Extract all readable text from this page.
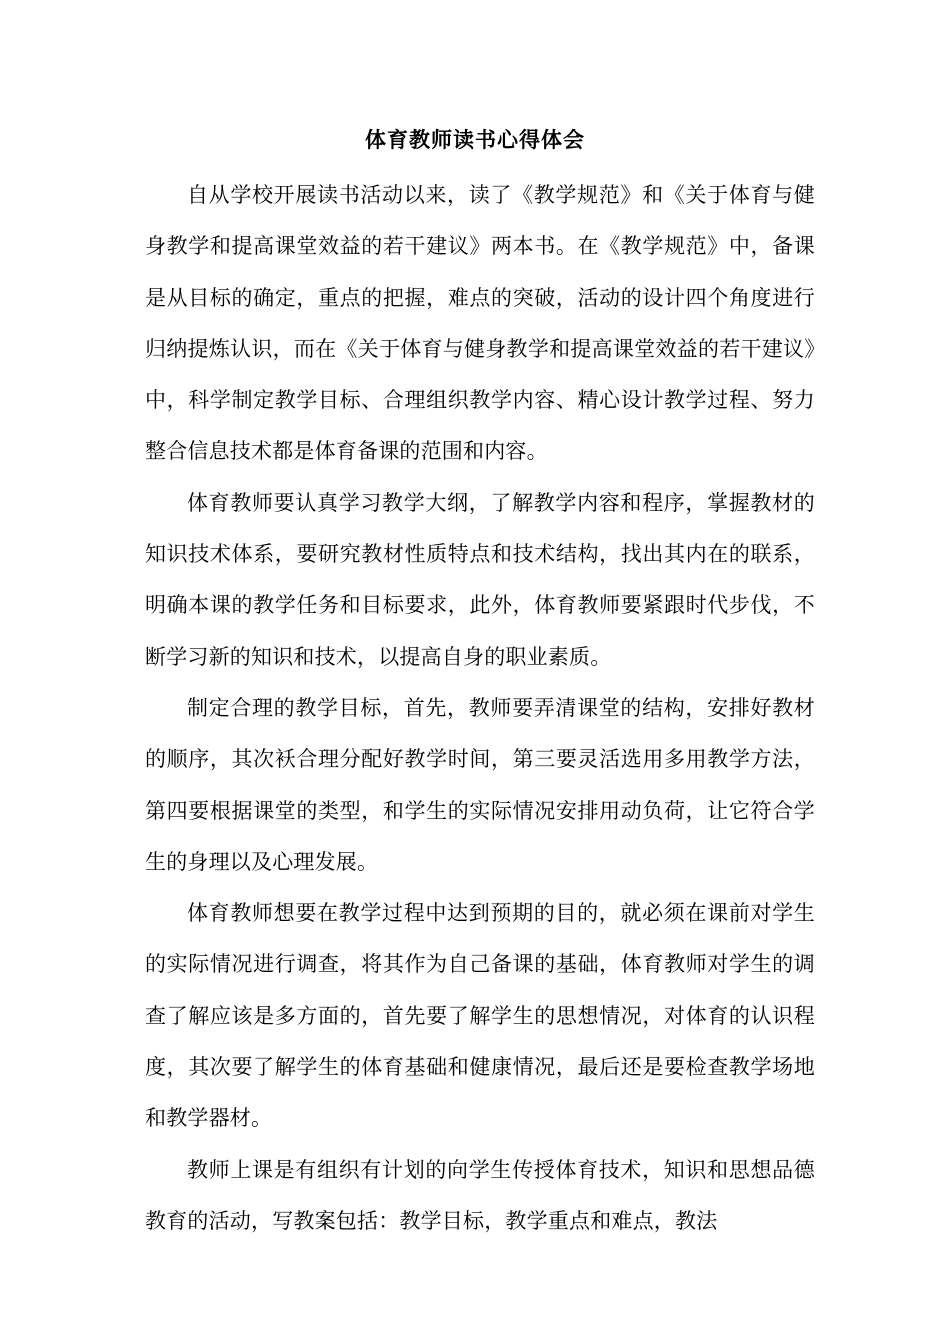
体育教师读书心得体会

自从学校开展读书活动以来，读了《教学规范》和《关于体育与健身教学和提高课堂效益的若干建议》两本书。在《教学规范》中，备课是从目标的确定，重点的把握，难点的突破，活动的设计四个角度进行归纳提炼认识，而在《关于体育与健身教学和提高课堂效益的若干建议》中，科学制定教学目标、合理组织教学内容、精心设计教学过程、努力整合信息技术都是体育备课的范围和内容。

体育教师要认真学习教学大纲，了解教学内容和程序，掌握教材的知识技术体系，要研究教材性质特点和技术结构，找出其内在的联系，明确本课的教学任务和目标要求，此外，体育教师要紧跟时代步伐，不断学习新的知识和技术，以提高自身的职业素质。

制定合理的教学目标，首先，教师要弄清课堂的结构，安排好教材的顺序，其次袄合理分配好教学时间，第三要灵活选用多用教学方法，第四要根据课堂的类型，和学生的实际情况安排用动负荷，让它符合学生的身理以及心理发展。

体育教师想要在教学过程中达到预期的目的，就必须在课前对学生的实际情况进行调查，将其作为自己备课的基础，体育教师对学生的调查了解应该是多方面的，首先要了解学生的思想情况，对体育的认识程度，其次要了解学生的体育基础和健康情况，最后还是要检查教学场地和教学器材。

教师上课是有组织有计划的向学生传授体育技术，知识和思想品德教育的活动，写教案包括：教学目标，教学重点和难点，教法
